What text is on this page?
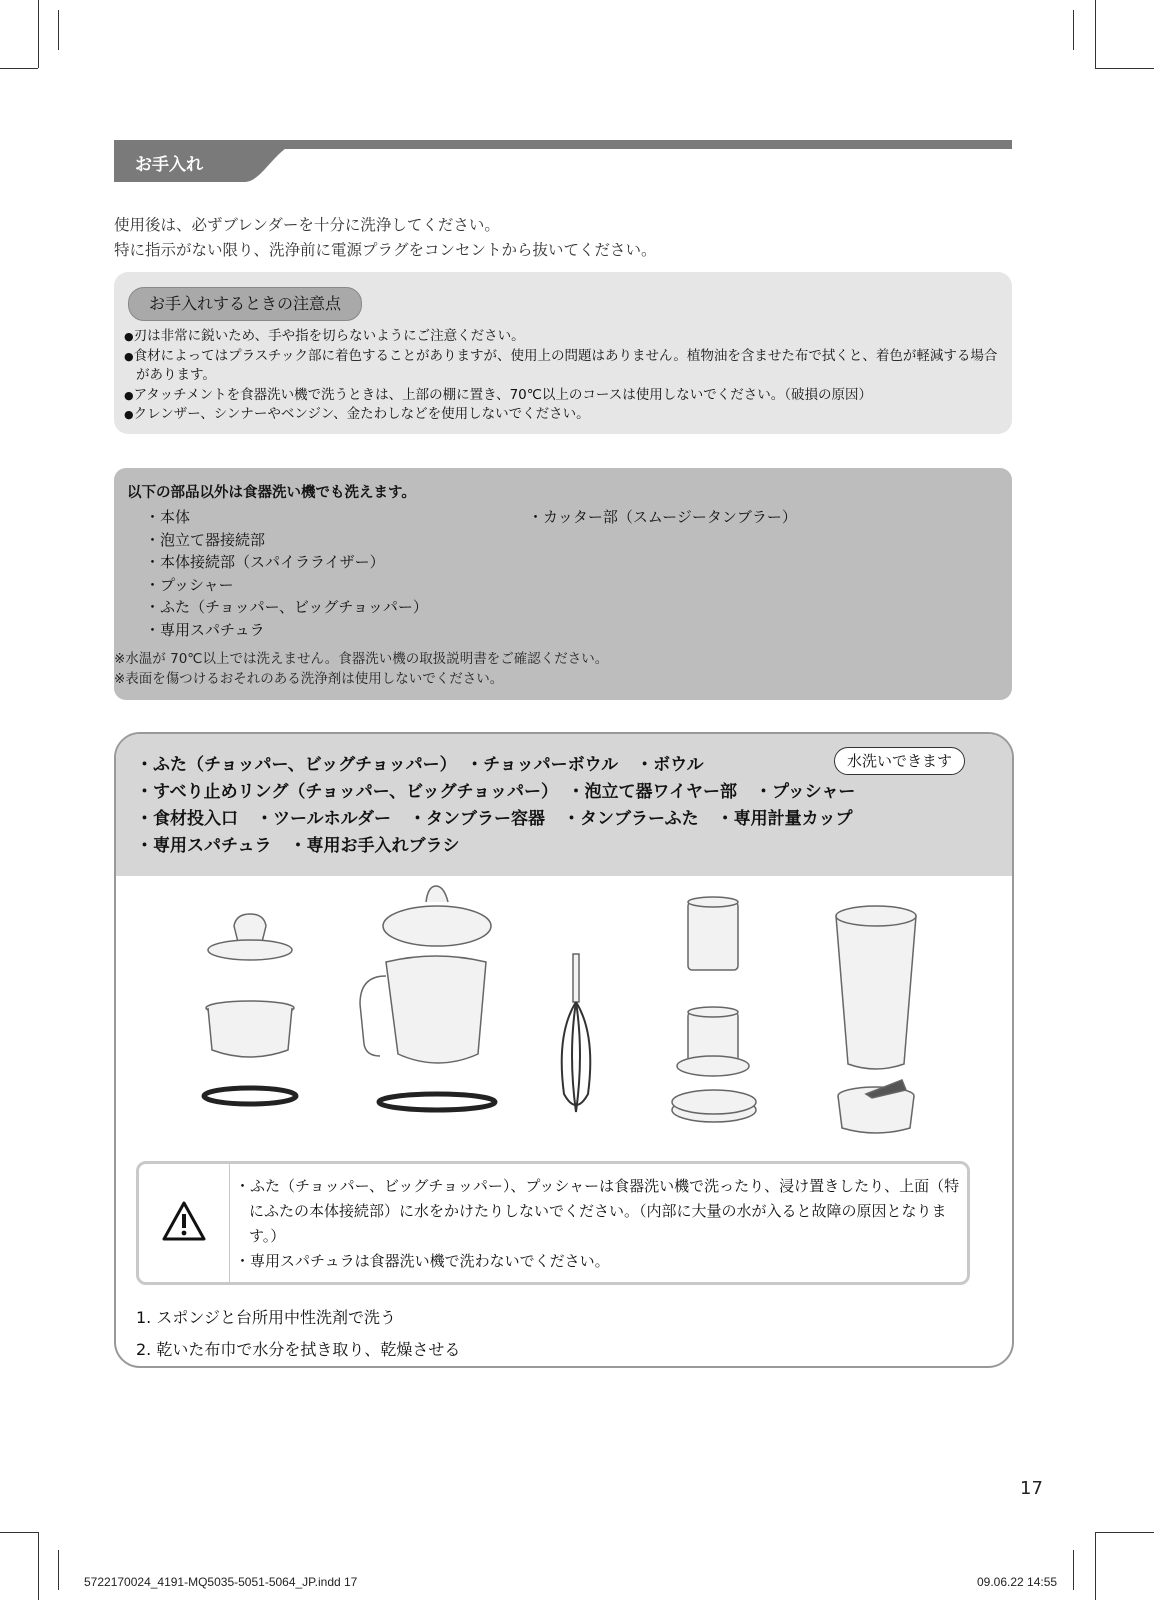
お手入れ
使用後は、必ずブレンダーを十分に洗浄してください。
特に指示がない限り、洗浄前に電源プラグをコンセントから抜いてください。
お手入れするときの注意点
● 刃は非常に鋭いため、手や指を切らないようにご注意ください。
● 食材によってはプラスチック部に着色することがありますが、使用上の問題はありません。植物油を含ませた布で拭くと、着色が軽減する場合があります。
● アタッチメントを食器洗い機で洗うときは、上部の棚に置き、70℃以上のコースは使用しないでください。（破損の原因）
● クレンザー、シンナーやベンジン、金たわしなどを使用しないでください。
以下の部品以外は食器洗い機でも洗えます。
・ 本体
・ 泡立て器接続部
・ 本体接続部（スパイラライザー）
・ プッシャー
・ ふた（チョッパー、ビッグチョッパー）
・ 専用スパチュラ
・ カッター部（スムージータンブラー）
※水温が 70℃以上では洗えません。食器洗い機の取扱説明書をご確認ください。
※表面を傷つけるおそれのある洗浄剤は使用しないでください。
・ ふた（チョッパー、ビッグチョッパー） ・ チョッパーボウル ・ ボウル
・ すべり止めリング（チョッパー、ビッグチョッパー） ・ 泡立て器ワイヤー部 ・ プッシャー
・ 食材投入口 ・ ツールホルダー ・ タンブラー容器 ・ タンブラーふた ・ 専用計量カップ
・ 専用スパチュラ ・ 専用お手入れブラシ
水洗いできます
・ ふた（チョッパー、ビッグチョッパー）、プッシャーは食器洗い機で洗ったり、浸け置きしたり、上面（特にふたの本体接続部）に水をかけたりしないでください。（内部に大量の水が入ると故障の原因となります。）
・ 専用スパチュラは食器洗い機で洗わないでください。
1. スポンジと台所用中性洗剤で洗う
2. 乾いた布巾で水分を拭き取り、乾燥させる
17
5722170024_4191-MQ5035-5051-5064_JP.indd 17	09.06.22 14:55
